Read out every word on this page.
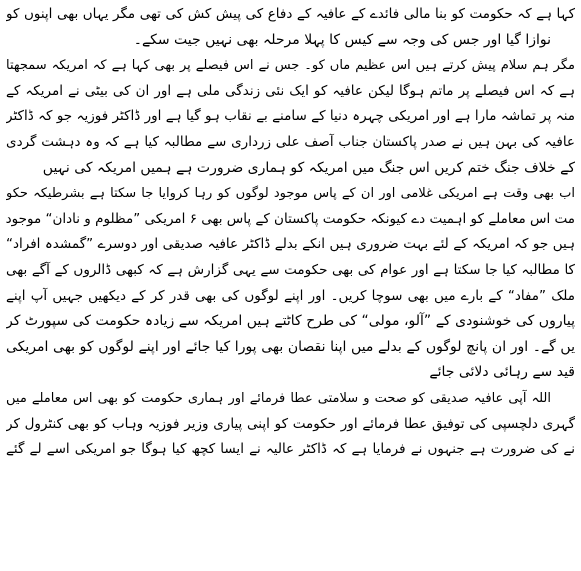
کہا ہے کہ حکومت کو بنا مالی فائدے کے عافیہ کے دفاع کی پیش کش کی تھی مگر یہاں بھی اپنوں کو
نوازا گیا اور جس کی وجہ سے کیس کا پہلا مرحلہ بھی نہیں جیت سکے۔
مگر ہم سلام پیش کرتے ہیں اس عظیم ماں کو۔ جس نے اس فیصلے پر بھی کہا ہے کہ امریکہ سمجھتا
ہے کہ اس فیصلے پر ماتم ہوگا لیکن عافیہ کو ایک نئی زندگی ملی ہے اور ان کی بیٹی نے امریکہ کے
منہ پر تماشہ مارا ہے اور امریکی چہرہ دنیا کے سامنے بے نقاب ہو گیا ہے اور ڈاکٹر فوزیہ جو کہ ڈاکٹر
عافیہ کی بہن ہیں نے صدر پاکستان جناب آصف علی زرداری سے مطالبہ کیا ہے کہ وہ دہشت گردی
کے خلاف جنگ ختم کریں اس جنگ میں امریکہ کو ہماری ضرورت ہے ہمیں امریکہ کی نہیں
اب بھی وقت ہے امریکی غلامی اور ان کے پاس موجود لوگوں کو رہا کروایا جا سکتا ہے بشرطیکہ حکو
مت اس معاملے کو اہمیت دے کیونکہ حکومت پاکستان کے پاس بھی ۶ امریکی ”مظلوم و نادان“ موجود
ہیں جو کہ امریکہ کے لئے بہت ضروری ہیں انکے بدلے ڈاکٹر عافیہ صدیقی اور دوسرے ”گمشدہ افراد“
کا مطالبہ کیا جا سکتا ہے اور عوام کی بھی حکومت سے یہی گزارش ہے کہ کبھی ڈالروں کے آگے بھی
ملک ”مفاد“ کے بارے میں بھی سوچا کریں۔ اور اپنے لوگوں کی بھی قدر کر کے دیکھیں جہیں آپ اپنے
پیاروں کی خوشنودی کے ”آلو، مولی“ کی طرح کاٹتے ہیں امریکہ سے زیادہ حکومت کی سپورٹ کر
یں گے۔ اور ان پانچ لوگوں کے بدلے میں اپنا نقصان بھی پورا کیا جائے اور اپنے لوگوں کو بھی امریکی
قید سے رہائی دلائی جائے
اللہ آپی عافیہ صدیقی کو صحت و سلامتی عطا فرمائے اور ہماری حکومت کو بھی اس معاملے میں
گہری دلچسپی کی توفیق عطا فرمائے اور حکومت کو اپنی پیاری وزیر فوزیہ وہاب کو بھی کنٹرول کر
نے کی ضرورت ہے جنہوں نے فرمایا ہے کہ ڈاکٹر عالیہ نے ایسا کچھ کیا ہوگا جو امریکی اسے لے گئے
